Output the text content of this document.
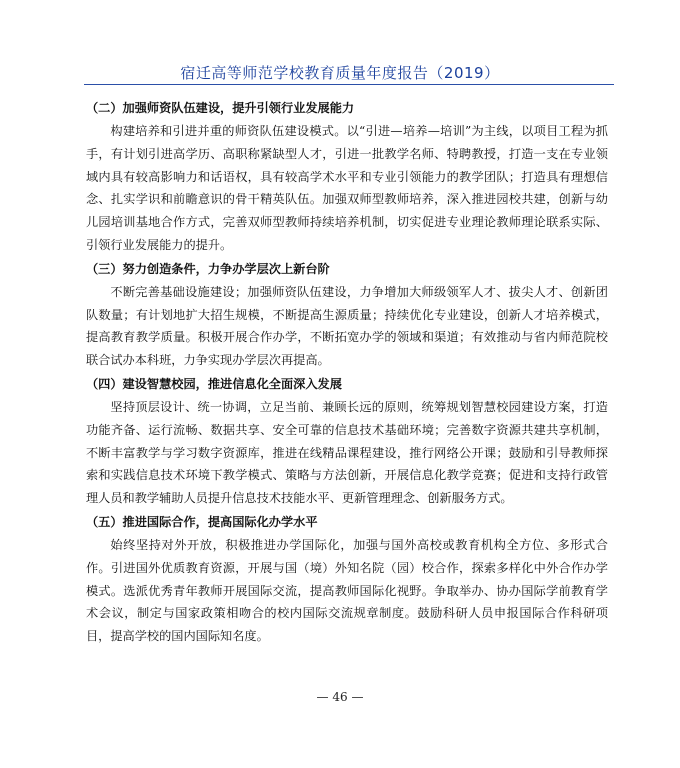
宿迁高等师范学校教育质量年度报告（2019）

（二）加强师资队伍建设，提升引领行业发展能力

构建培养和引进并重的师资队伍建设模式。以“引进—培养—培训”为主线，以项目工程为抓手，有计划引进高学历、高职称紧缺型人才，引进一批教学名师、特聘教授，打造一支在专业领域内具有较高影响力和话语权，具有较高学术水平和专业引领能力的教学团队；打造具有理想信念、扎实学识和前瞻意识的骨干精英队伍。加强双师型教师培养，深入推进园校共建，创新与幼儿园培训基地合作方式，完善双师型教师持续培养机制，切实促进专业理论教师理论联系实际、引领行业发展能力的提升。

（三）努力创造条件，力争办学层次上新台阶

不断完善基础设施建设；加强师资队伍建设，力争增加大师级领军人才、拔尖人才、创新团队数量；有计划地扩大招生规模，不断提高生源质量；持续优化专业建设，创新人才培养模式，提高教育教学质量。积极开展合作办学，不断拓宽办学的领域和渠道；有效推动与省内师范院校联合试办本科班，力争实现办学层次再提高。

（四）建设智慧校园，推进信息化全面深入发展

坚持顶层设计、统一协调，立足当前、兼顾长远的原则，统筹规划智慧校园建设方案，打造功能齐备、运行流畅、数据共享、安全可靠的信息技术基础环境；完善数字资源共建共享机制，不断丰富教学与学习数字资源库，推进在线精品课程建设，推行网络公开课；鼓励和引导教师探索和实践信息技术环境下教学模式、策略与方法创新，开展信息化教学竞赛；促进和支持行政管理人员和教学辅助人员提升信息技术技能水平、更新管理理念、创新服务方式。

（五）推进国际合作，提高国际化办学水平

始终坚持对外开放，积极推进办学国际化，加强与国外高校或教育机构全方位、多形式合作。引进国外优质教育资源，开展与国（境）外知名院（园）校合作，探索多样化中外合作办学模式。选派优秀青年教师开展国际交流，提高教师国际化视野。争取举办、协办国际学前教育学术会议，制定与国家政策相吻合的校内国际交流规章制度。鼓励科研人员申报国际合作科研项目，提高学校的国内国际知名度。

— 46 —
